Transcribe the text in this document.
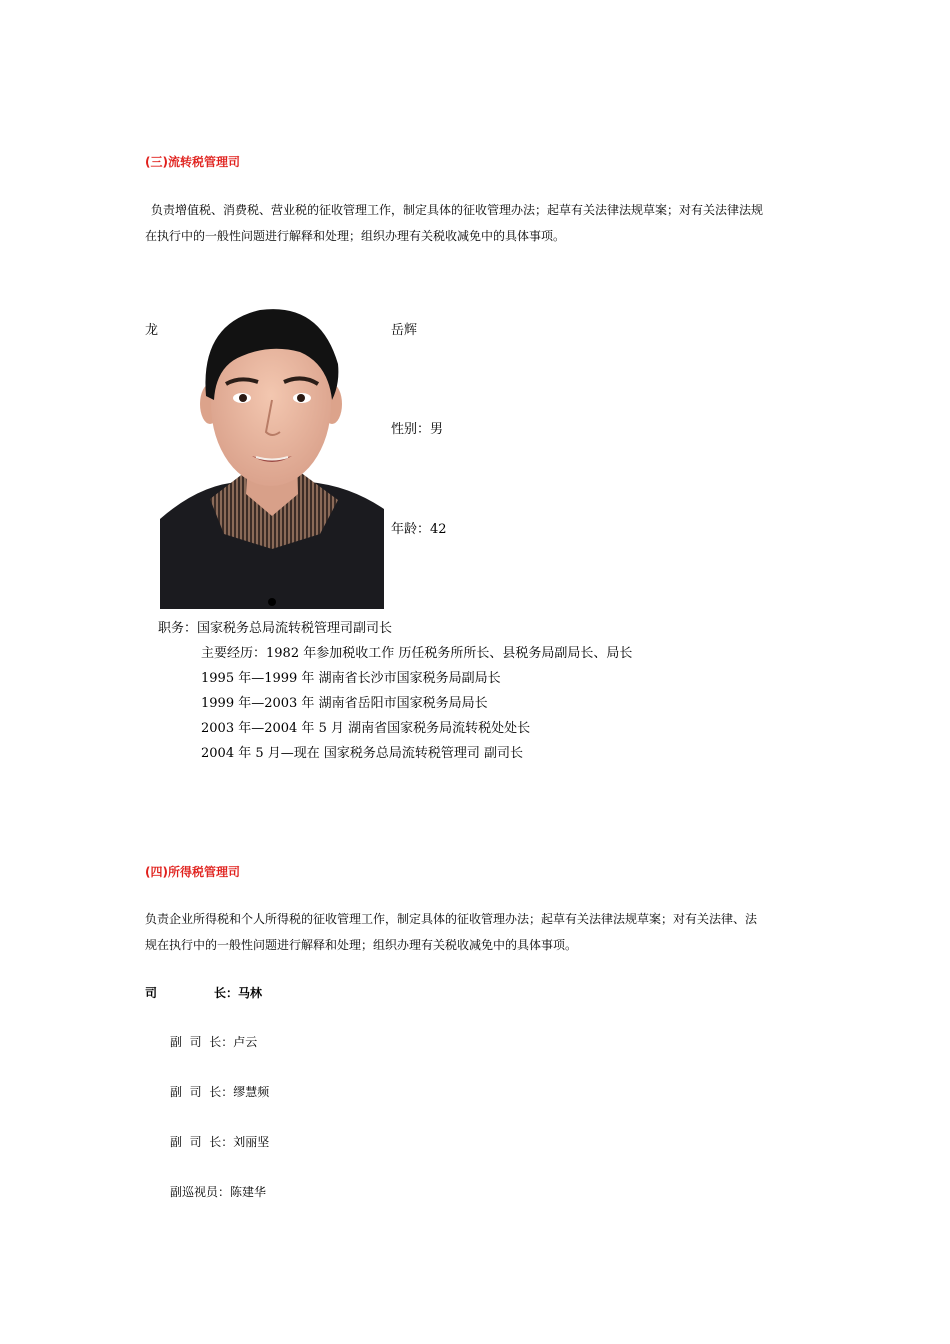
(三)流转税管理司
负责增值税、消费税、营业税的征收管理工作，制定具体的征收管理办法；起草有关法律法规草案；对有关法律法规
在执行中的一般性问题进行解释和处理；组织办理有关税收减免中的具体事项。
龙	岳辉
性别：男
年龄：42
职务：国家税务总局流转税管理司副司长
主要经历：1982 年参加税收工作 历任税务所所长、县税务局副局长、局长
1995 年—1999 年 湖南省长沙市国家税务局副局长
1999 年—2003 年 湖南省岳阳市国家税务局局长
2003 年—2004 年 5 月 湖南省国家税务局流转税处处长
2004 年 5 月—现在 国家税务总局流转税管理司 副司长
(四)所得税管理司
负责企业所得税和个人所得税的征收管理工作，制定具体的征收管理办法；起草有关法律法规草案；对有关法律、法
规在执行中的一般性问题进行解释和处理；组织办理有关税收减免中的具体事项。
司	长：马林
副  司  长：卢云
副  司  长：缪慧频
副  司  长：刘丽坚
副巡视员：陈建华
